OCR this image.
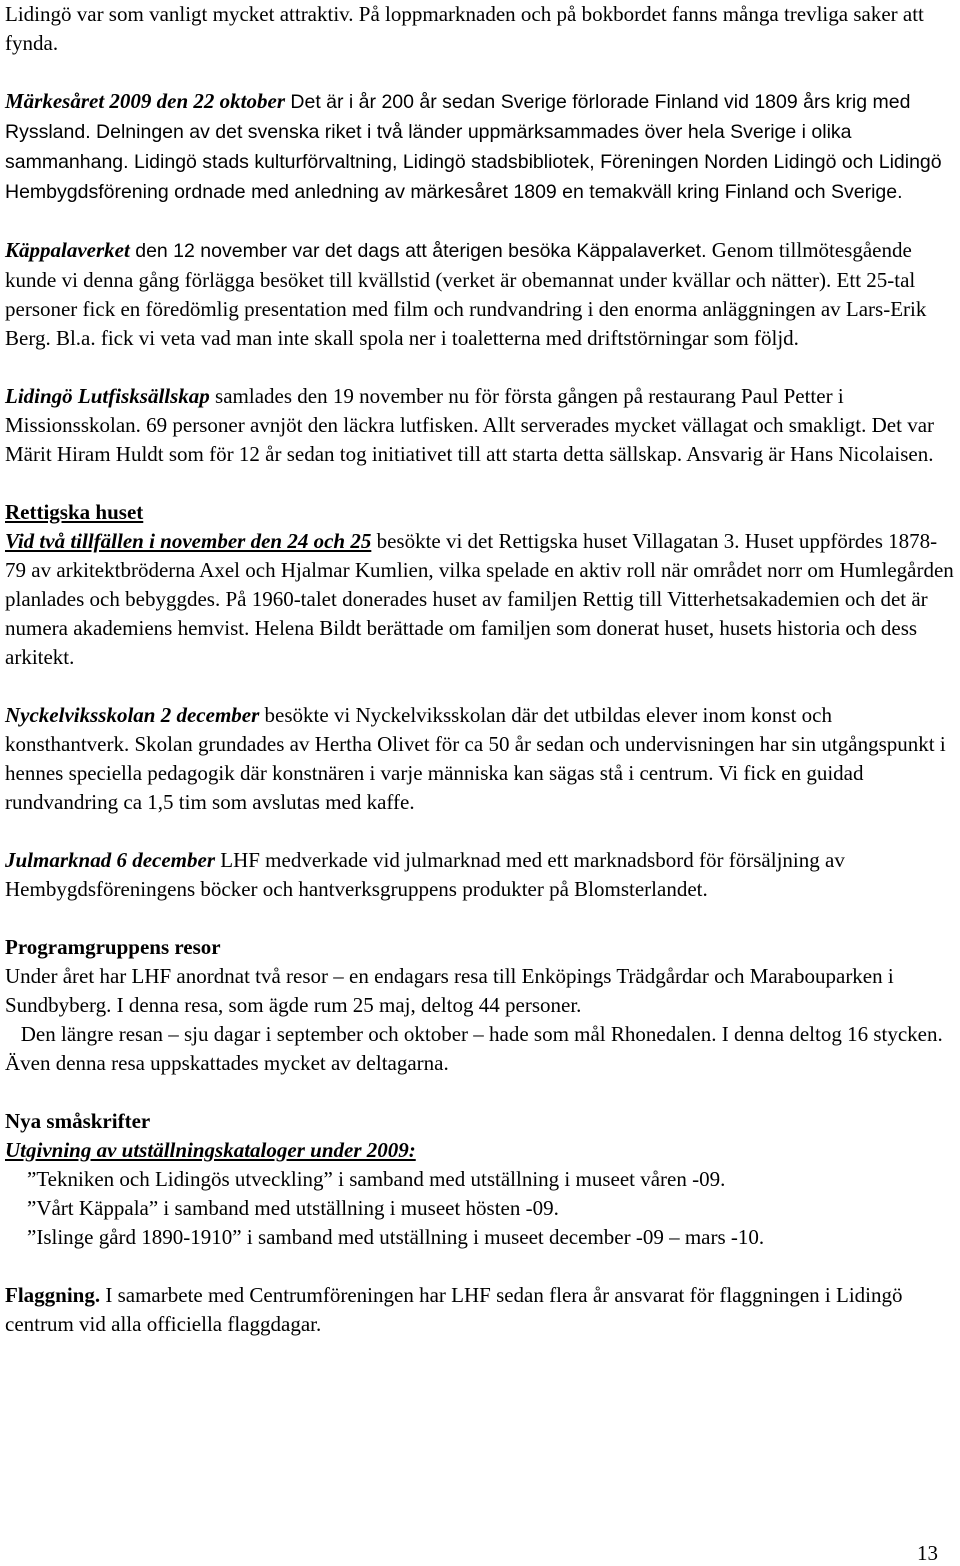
Lidingö var som vanligt mycket attraktiv. På loppmarknaden och på bokbordet fanns många trevliga saker att fynda.

Märkesåret 2009 den 22 oktober Det är i år 200 år sedan Sverige förlorade Finland vid 1809 års krig med Ryssland. Delningen av det svenska riket i två länder uppmärksammades över hela Sverige i olika sammanhang. Lidingö stads kulturförvaltning, Lidingö stadsbibliotek, Föreningen Norden Lidingö och Lidingö Hembygdsförening ordnade med anledning av märkesåret 1809 en temakväll kring Finland och Sverige.

Käppalaverket den 12 november var det dags att återigen besöka Käppalaverket. Genom tillmötesgående kunde vi denna gång förlägga besöket till kvällstid (verket är obemannat under kvällar och nätter). Ett 25-tal personer fick en föredömlig presentation med film och rundvandring i den enorma anläggningen av Lars-Erik Berg. Bl.a. fick vi veta vad man inte skall spola ner i toaletterna med driftstörningar som följd.

Lidingö Lutfisksällskap samlades den 19 november nu för första gången på restaurang Paul Petter i Missionsskolan. 69 personer avnjöt den läckra lutfisken. Allt serverades mycket vällagat och smakligt. Det var Märit Hiram Huldt som för 12 år sedan tog initiativet till att starta detta sällskap. Ansvarig är Hans Nicolaisen.

Rettigska huset
Vid två tillfällen i november den 24 och 25 besökte vi det Rettigska huset Villagatan 3. Huset uppfördes 1878-79 av arkitektbröderna Axel och Hjalmar Kumlien, vilka spelade en aktiv roll när området norr om Humlegården planlades och bebyggdes. På 1960-talet donerades huset av familjen Rettig till Vitterhetsakademien och det är numera akademiens hemvist. Helena Bildt berättade om familjen som donerat huset, husets historia och dess arkitekt.

Nyckelviksskolan 2 december besökte vi Nyckelviksskolan där det utbildas elever inom konst och konsthantverk. Skolan grundades av Hertha Olivet för ca 50 år sedan och undervisningen har sin utgångspunkt i hennes speciella pedagogik där konstnären i varje människa kan sägas stå i centrum. Vi fick en guidad rundvandring ca 1,5 tim som avslutas med kaffe.

Julmarknad 6 december LHF medverkade vid julmarknad med ett marknadsbord för försäljning av Hembygdsföreningens böcker och hantverksgruppens produkter på Blomsterlandet.

Programgruppens resor
Under året har LHF anordnat två resor – en endagars resa till Enköpings Trädgårdar och Marabouparken i Sundbyberg. I denna resa, som ägde rum 25 maj, deltog 44 personer.
Den längre resan – sju dagar i september och oktober – hade som mål Rhonedalen. I denna deltog 16 stycken. Även denna resa uppskattades mycket av deltagarna.

Nya småskrifter
Utgivning av utställningskataloger under 2009:
”Tekniken och Lidingös utveckling” i samband med utställning i museet våren -09.
”Vårt Käppala” i samband med utställning i museet hösten -09.
”Islinge gård 1890-1910” i samband med utställning i museet december -09 – mars -10.

Flaggning. I samarbete med Centrumföreningen har LHF sedan flera år ansvarat för flaggningen i Lidingö centrum vid alla officiella flaggdagar.

13
